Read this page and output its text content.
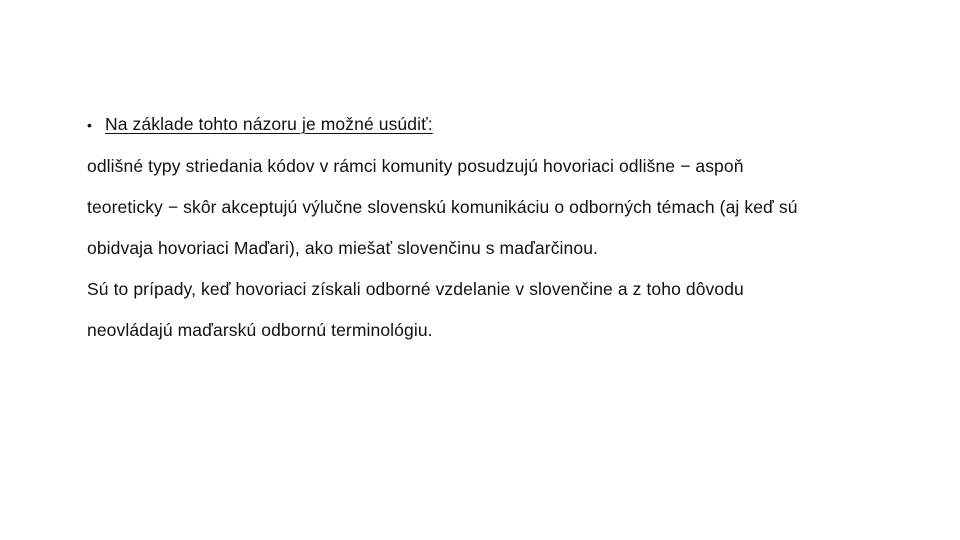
• Na základe tohto názoru je možné usúdiť:
odlišné typy striedania kódov v rámci komunity posudzujú hovoriaci odlišne − aspoň
teoreticky − skôr akceptujú výlučne slovenskú komunikáciu o odborných témach (aj keď sú
obidvaja hovoriaci Maďari), ako miešať slovenčinu s maďarčinou.
Sú to prípady, keď hovoriaci získali odborné vzdelanie v slovenčine a z toho dôvodu
neovládajú maďarskú odbornú terminológiu.
